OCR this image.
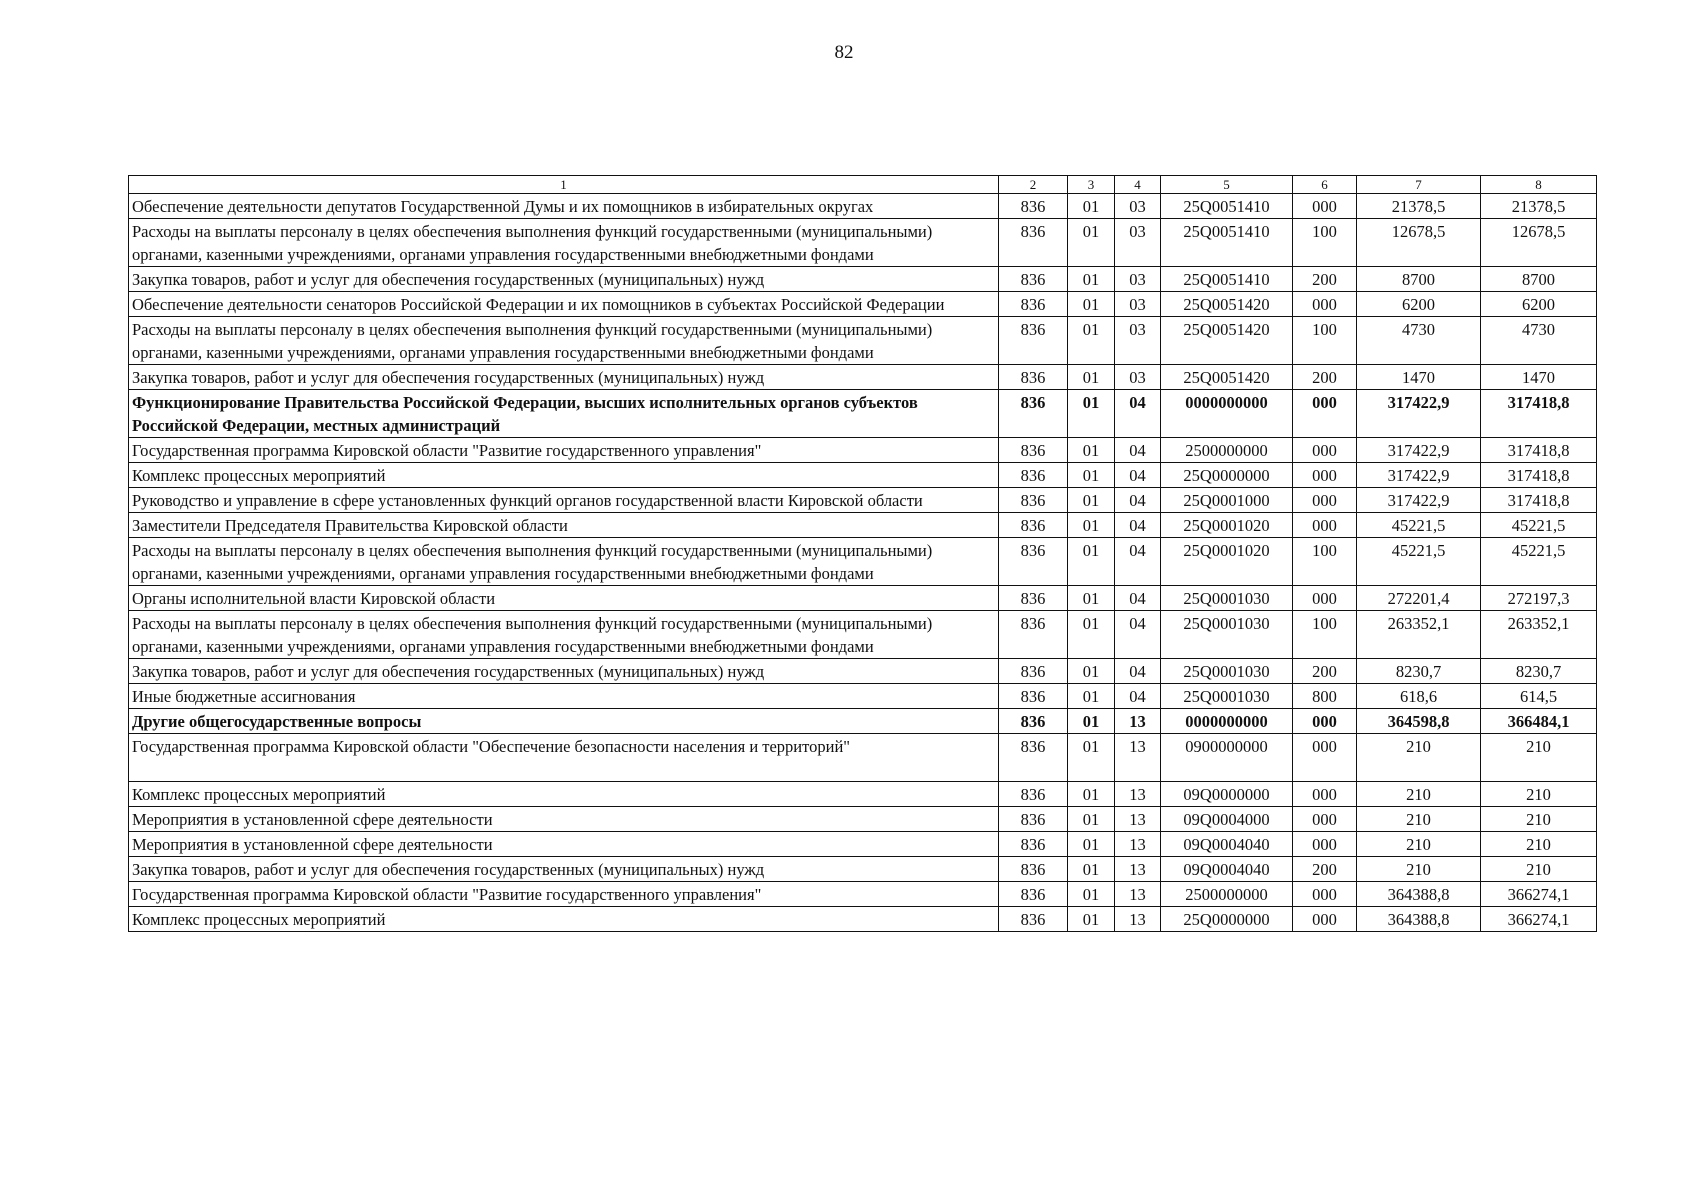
82
1	2	3	4	5	6	7	8
Обеспечение деятельности депутатов Государственной Думы и их помощников в избирательных округах	836	01	03	25Q0051410	000	21378,5	21378,5
Расходы на выплаты персоналу в целях обеспечения выполнения функций государственными (муниципальными) органами, казенными учреждениями, органами управления государственными внебюджетными фондами	836	01	03	25Q0051410	100	12678,5	12678,5
Закупка товаров, работ и услуг для обеспечения государственных (муниципальных) нужд	836	01	03	25Q0051410	200	8700	8700
Обеспечение деятельности сенаторов Российской Федерации и их помощников в субъектах Российской Федерации	836	01	03	25Q0051420	000	6200	6200
Расходы на выплаты персоналу в целях обеспечения выполнения функций государственными (муниципальными) органами, казенными учреждениями, органами управления государственными внебюджетными фондами	836	01	03	25Q0051420	100	4730	4730
Закупка товаров, работ и услуг для обеспечения государственных (муниципальных) нужд	836	01	03	25Q0051420	200	1470	1470
Функционирование Правительства Российской Федерации, высших исполнительных органов субъектов Российской Федерации, местных администраций	836	01	04	0000000000	000	317422,9	317418,8
Государственная программа Кировской области "Развитие государственного управления"	836	01	04	2500000000	000	317422,9	317418,8
Комплекс процессных мероприятий	836	01	04	25Q0000000	000	317422,9	317418,8
Руководство и управление в сфере установленных функций органов государственной власти Кировской области	836	01	04	25Q0001000	000	317422,9	317418,8
Заместители Председателя Правительства Кировской области	836	01	04	25Q0001020	000	45221,5	45221,5
Расходы на выплаты персоналу в целях обеспечения выполнения функций государственными (муниципальными) органами, казенными учреждениями, органами управления государственными внебюджетными фондами	836	01	04	25Q0001020	100	45221,5	45221,5
Органы исполнительной власти Кировской области	836	01	04	25Q0001030	000	272201,4	272197,3
Расходы на выплаты персоналу в целях обеспечения выполнения функций государственными (муниципальными) органами, казенными учреждениями, органами управления государственными внебюджетными фондами	836	01	04	25Q0001030	100	263352,1	263352,1
Закупка товаров, работ и услуг для обеспечения государственных (муниципальных) нужд	836	01	04	25Q0001030	200	8230,7	8230,7
Иные бюджетные ассигнования	836	01	04	25Q0001030	800	618,6	614,5
Другие общегосударственные вопросы	836	01	13	0000000000	000	364598,8	366484,1
Государственная программа Кировской области "Обеспечение безопасности населения и территорий"	836	01	13	0900000000	000	210	210
Комплекс процессных мероприятий	836	01	13	09Q0000000	000	210	210
Мероприятия в установленной сфере деятельности	836	01	13	09Q0004000	000	210	210
Мероприятия в установленной сфере деятельности	836	01	13	09Q0004040	000	210	210
Закупка товаров, работ и услуг для обеспечения государственных (муниципальных) нужд	836	01	13	09Q0004040	200	210	210
Государственная программа Кировской области "Развитие государственного управления"	836	01	13	2500000000	000	364388,8	366274,1
Комплекс процессных мероприятий	836	01	13	25Q0000000	000	364388,8	366274,1
